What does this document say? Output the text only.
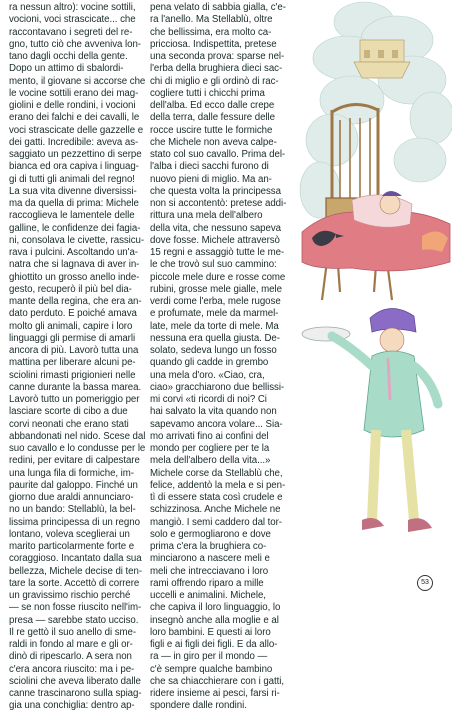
ra nessun altro): vocine sottili,
vocioni, voci strascicate... che
raccontavano i segreti del re-
gno, tutto ciò che avveniva lon-
tano dagli occhi della gente.
Dopo un attimo di sbalordi-
mento, il giovane si accorse che
le vocine sottili erano dei mag-
giolini e delle rondini, i vocioni
erano dei falchi e dei cavalli, le
voci strascicate delle gazzelle e
dei gatti. Incredibile: aveva as-
saggiato un pezzettino di serpe
bianca ed ora capiva i linguag-
gi di tutti gli animali del regno!
La sua vita divenne diversissi-
ma da quella di prima: Michele
raccoglieva le lamentele delle
galline, le confidenze dei fagia-
ni, consolava le civette, rassicu-
rava i pulcini. Ascoltando un'a-
natra che si lagnava di aver in-
ghiottito un grosso anello inde-
gesto, recuperò il più bel dia-
mante della regina, che era an-
dato perduto. E poiché amava
molto gli animali, capire i loro
linguaggi gli permise di amarli
ancora di più. Lavorò tutta una
mattina per liberare alcuni pe-
sciolini rimasti prigionieri nelle
canne durante la bassa marea.
Lavorò tutto un pomeriggio per
lasciare scorte di cibo a due
corvi neonati che erano stati
abbandonati nel nido. Scese dal
suo cavallo e lo condusse per le
redini, per evitare di calpestare
una lunga fila di formiche, im-
paurite dal galoppo. Finché un
giorno due araldi annunciaro-
no un bando: Stellablù, la bel-
lissima principessa di un regno
lontano, voleva sceglierai un
marito particolarmente forte e
coraggioso. Incantato dalla sua
bellezza, Michele decise di ten-
tare la sorte. Accettò di correre
un gravissimo rischio perché
— se non fosse riuscito nell'im-
presa — sarebbe stato ucciso.
Il re gettò il suo anello di sme-
raldi in fondo al mare e gli or-
dinò di ripescarlo. A sera non
c'era ancora riuscito: ma i pe-
sciolini che aveva liberato dalle
canne trascinarono sulla spiag-
gia una conchiglia: dentro ap-
pena velato di sabbia gialla, c'e-
ra l'anello. Ma Stellablù, oltre
che bellissima, era molto ca-
pricciosa. Indispettita, pretese
una seconda prova: sparse nel-
l'erba della brughiera dieci sac-
chi di miglio e gli ordinò di rac-
cogliere tutti i chicchi prima
dell'alba. Ed ecco dalle crepe
della terra, dalle fessure delle
rocce uscire tutte le formiche
che Michele non aveva calpe-
stato col suo cavallo. Prima del-
l'alba i dieci sacchi furono di
nuovo pieni di miglio. Ma an-
che questa volta la principessa
non si accontentò: pretese addi-
rittura una mela dell'albero
della vita, che nessuno sapeva
dove fosse. Michele attraversò
15 regni e assaggiò tutte le me-
le che trovò sul suo cammino:
piccole mele dure e rosse come
rubini, grosse mele gialle, mele
verdi come l'erba, mele rugose
e profumate, mele da marmel-
late, mele da torte di mele. Ma
nessuna era quella giusta. De-
solato, sedeva lungo un fosso
quando gli cadde in grembo
una mela d'oro. «Ciao, cra,
ciao» gracchiarono due bellissi-
mi corvi «ti ricordi di noi? Ci
hai salvato la vita quando non
sapevamo ancora volare... Sia-
mo arrivati fino ai confini del
mondo per cogliere per te la
mela dell'albero della vita...»
Michele corse da Stellablù che,
felice, addentò la mela e si pen-
tì di essere stata così crudele e
schizzinosa. Anche Michele ne
mangiò. I semi caddero dal tor-
solo e germogliarono e dove
prima c'era la brughiera co-
minciarono a nascere meli e
meli che intrecciavano i loro
rami offrendo riparo a mille
uccelli e animalini. Michele,
che capiva il loro linguaggio, lo
insegnò anche alla moglie e al
loro bambini. E questi ai loro
figli e ai figli dei figli. E da allo-
ra — in giro per il mondo —
c'è sempre qualche bambino
che sa chiacchierare con i gatti,
ridere insieme ai pesci, farsi ri-
spondere dalle rondini.
53
